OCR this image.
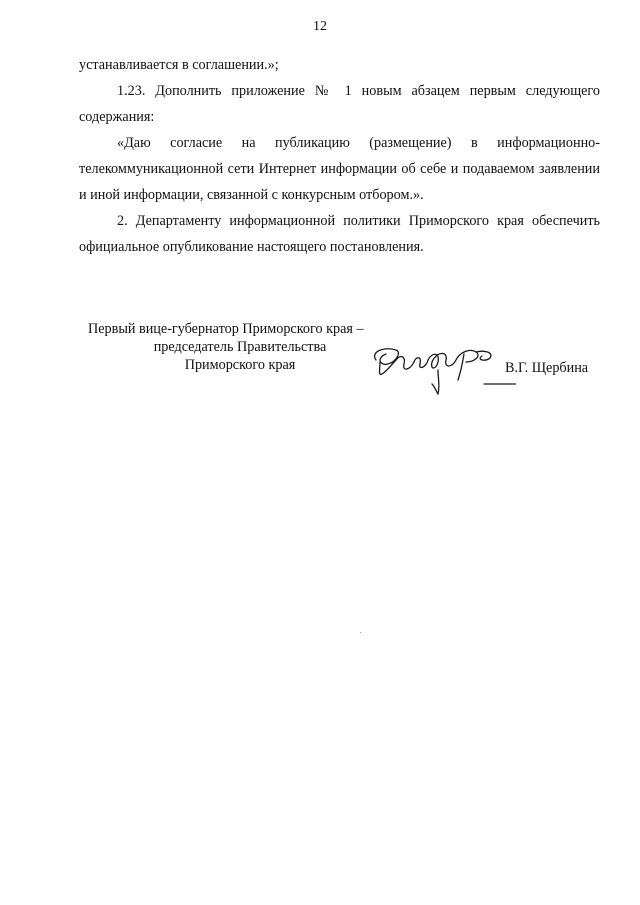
12

устанавливается в соглашении.»;

1.23. Дополнить приложение № 1 новым абзацем первым следующего содержания:

«Даю согласие на публикацию (размещение) в информационно-телекоммуникационной сети Интернет информации об себе и подаваемом заявлении и иной информации, связанной с конкурсным отбором.».

2. Департаменту информационной политики Приморского края обеспечить официальное опубликование настоящего постановления.

Первый вице-губернатор Приморского края –
председатель Правительства
Приморского края	В.Г. Щербина
